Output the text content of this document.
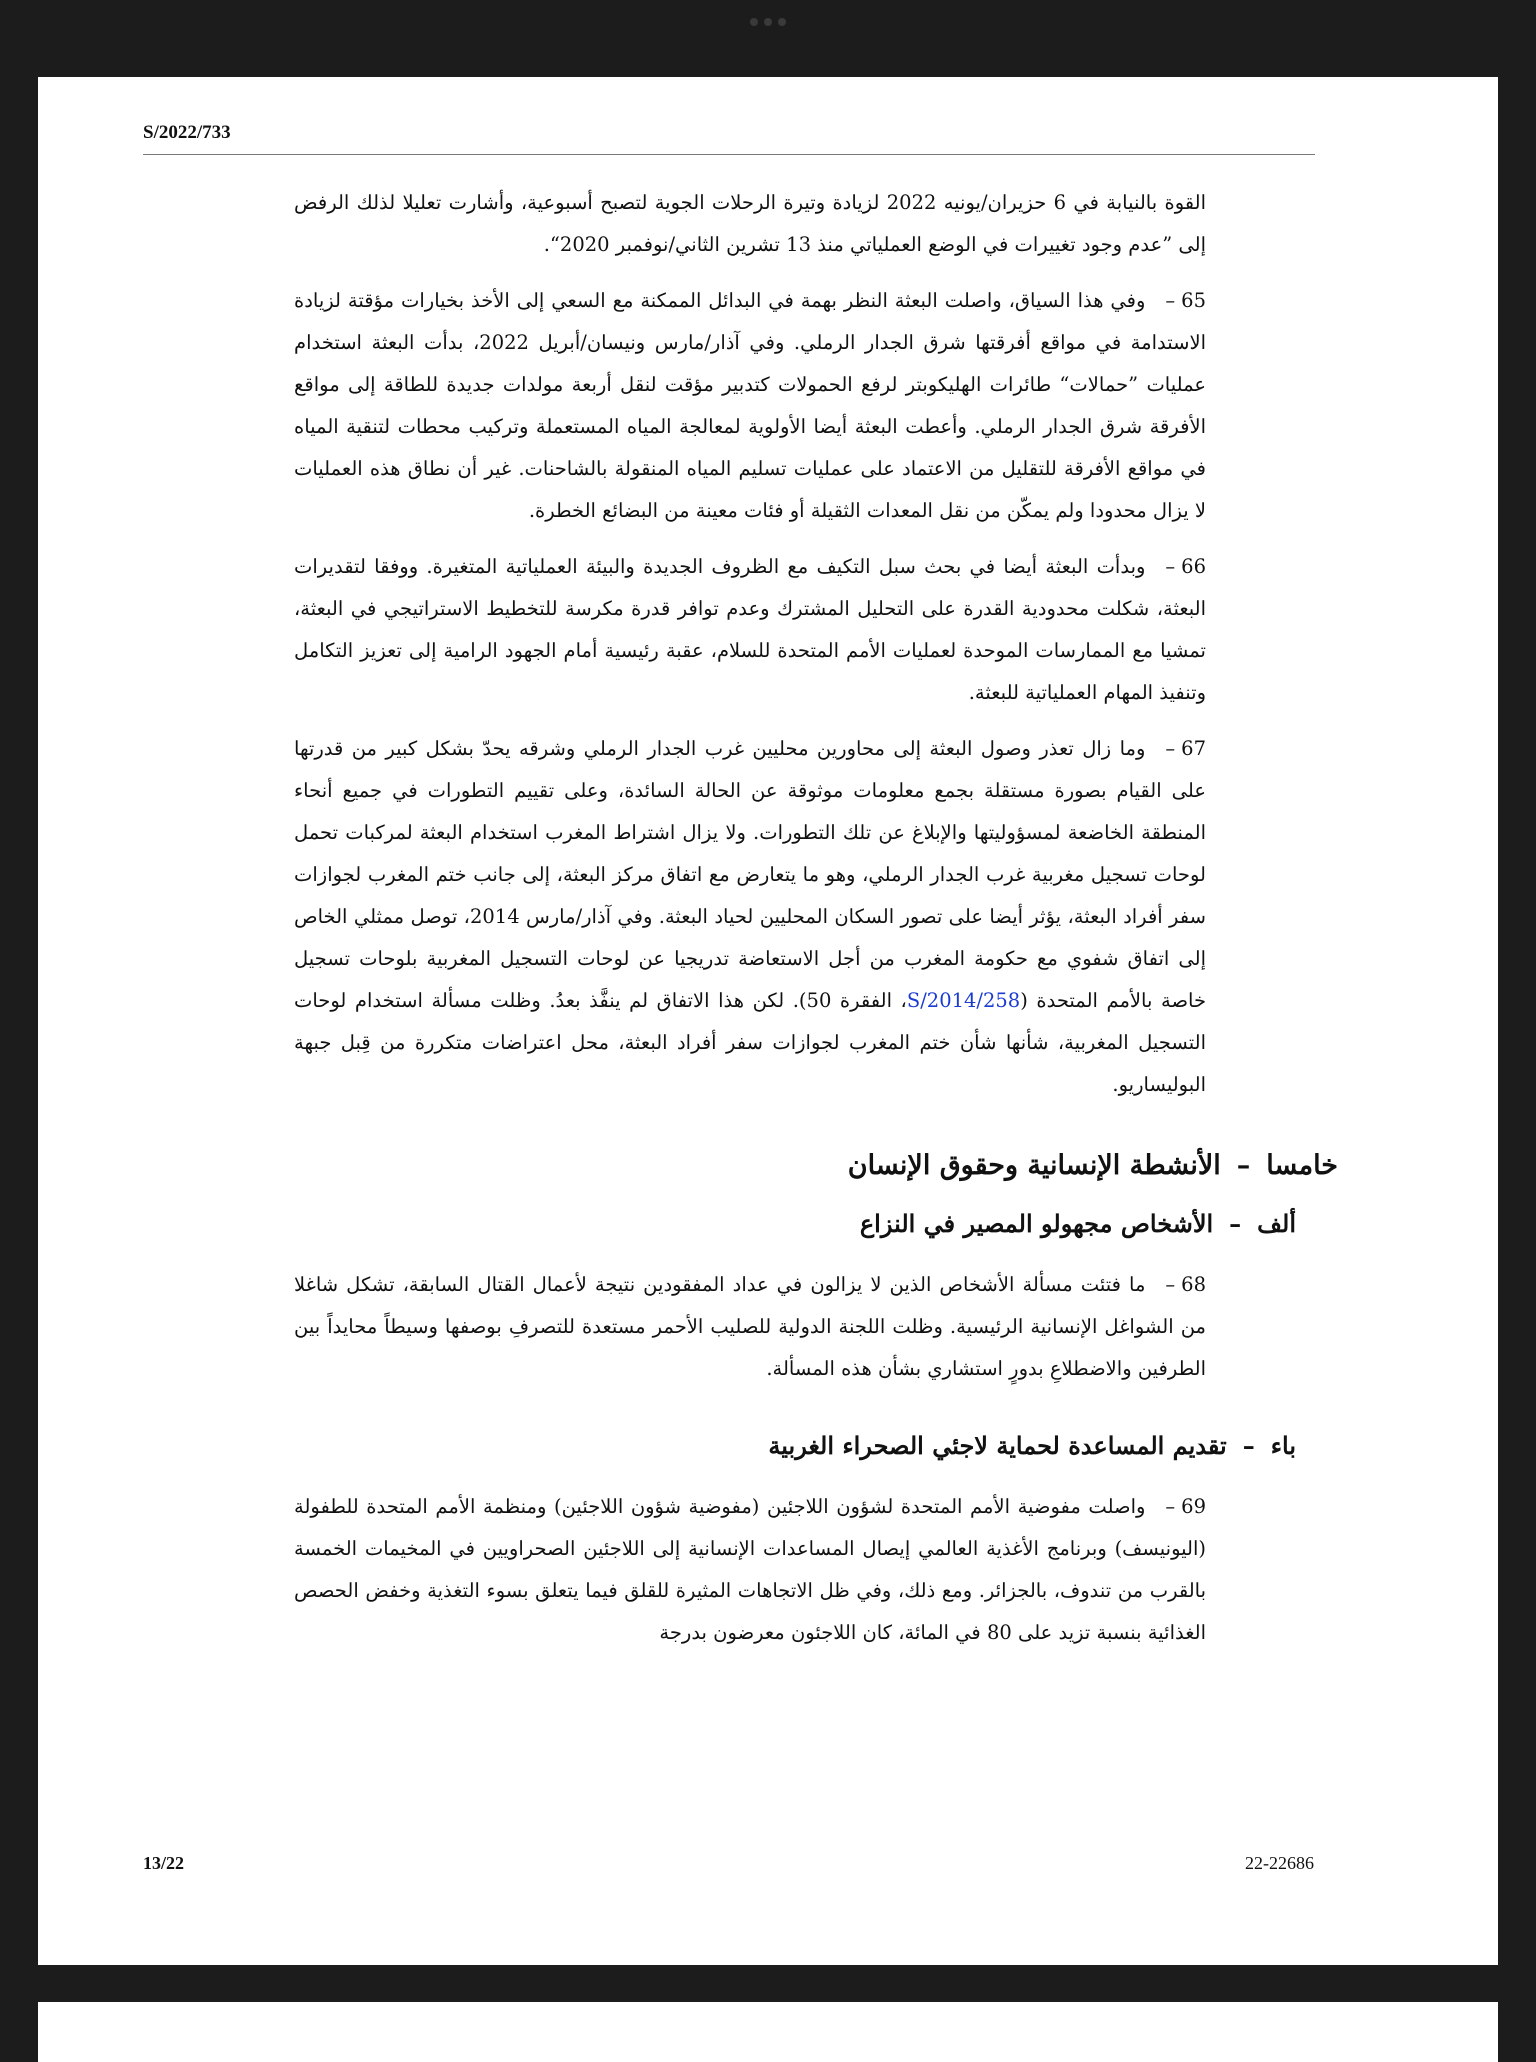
S/2022/733

القوة بالنيابة في 6 حزيران/يونيه 2022 لزيادة وتيرة الرحلات الجوية لتصبح أسبوعية، وأشارت تعليلا لذلك الرفض إلى ”عدم وجود تغييرات في الوضع العملياتي منذ 13 تشرين الثاني/نوفمبر 2020“.

65–وفي هذا السياق، واصلت البعثة النظر بهمة في البدائل الممكنة مع السعي إلى الأخذ بخيارات مؤقتة لزيادة الاستدامة في مواقع أفرقتها شرق الجدار الرملي. وفي آذار/مارس ونيسان/أبريل 2022، بدأت البعثة استخدام عمليات ”حمالات“ طائرات الهليكوبتر لرفع الحمولات كتدبير مؤقت لنقل أربعة مولدات جديدة للطاقة إلى مواقع الأفرقة شرق الجدار الرملي. وأعطت البعثة أيضا الأولوية لمعالجة المياه المستعملة وتركيب محطات لتنقية المياه في مواقع الأفرقة للتقليل من الاعتماد على عمليات تسليم المياه المنقولة بالشاحنات. غير أن نطاق هذه العمليات لا يزال محدودا ولم يمكّن من نقل المعدات الثقيلة أو فئات معينة من البضائع الخطرة.

66–وبدأت البعثة أيضا في بحث سبل التكيف مع الظروف الجديدة والبيئة العملياتية المتغيرة. ووفقا لتقديرات البعثة، شكلت محدودية القدرة على التحليل المشترك وعدم توافر قدرة مكرسة للتخطيط الاستراتيجي في البعثة، تمشيا مع الممارسات الموحدة لعمليات الأمم المتحدة للسلام، عقبة رئيسية أمام الجهود الرامية إلى تعزيز التكامل وتنفيذ المهام العملياتية للبعثة.

67–وما زال تعذر وصول البعثة إلى محاورين محليين غرب الجدار الرملي وشرقه يحدّ بشكل كبير من قدرتها على القيام بصورة مستقلة بجمع معلومات موثوقة عن الحالة السائدة، وعلى تقييم التطورات في جميع أنحاء المنطقة الخاضعة لمسؤوليتها والإبلاغ عن تلك التطورات. ولا يزال اشتراط المغرب استخدام البعثة لمركبات تحمل لوحات تسجيل مغربية غرب الجدار الرملي، وهو ما يتعارض مع اتفاق مركز البعثة، إلى جانب ختم المغرب لجوازات سفر أفراد البعثة، يؤثر أيضا على تصور السكان المحليين لحياد البعثة. وفي آذار/مارس 2014، توصل ممثلي الخاص إلى اتفاق شفوي مع حكومة المغرب من أجل الاستعاضة تدريجيا عن لوحات التسجيل المغربية بلوحات تسجيل خاصة بالأمم المتحدة (S/2014/258، الفقرة 50). لكن هذا الاتفاق لم ينفَّذ بعدُ. وظلت مسألة استخدام لوحات التسجيل المغربية، شأنها شأن ختم المغرب لجوازات سفر أفراد البعثة، محل اعتراضات متكررة من قِبل جبهة البوليساريو.

خامسا
–
الأنشطة الإنسانية وحقوق الإنسان
ألف
–
الأشخاص مجهولو المصير في النزاع

68–ما فتئت مسألة الأشخاص الذين لا يزالون في عداد المفقودين نتيجة لأعمال القتال السابقة، تشكل شاغلا من الشواغل الإنسانية الرئيسية. وظلت اللجنة الدولية للصليب الأحمر مستعدة للتصرفِ بوصفها وسيطاً محايداً بين الطرفين والاضطلاعِ بدورٍ استشاري بشأن هذه المسألة.

باء
–
تقديم المساعدة لحماية لاجئي الصحراء الغربية

69–واصلت مفوضية الأمم المتحدة لشؤون اللاجئين (مفوضية شؤون اللاجئين) ومنظمة الأمم المتحدة للطفولة (اليونيسف) وبرنامج الأغذية العالمي إيصال المساعدات الإنسانية إلى اللاجئين الصحراويين في المخيمات الخمسة بالقرب من تندوف، بالجزائر. ومع ذلك، وفي ظل الاتجاهات المثيرة للقلق فيما يتعلق بسوء التغذية وخفض الحصص الغذائية بنسبة تزيد على 80 في المائة، كان اللاجئون معرضون بدرجة

13/22	22-22686
